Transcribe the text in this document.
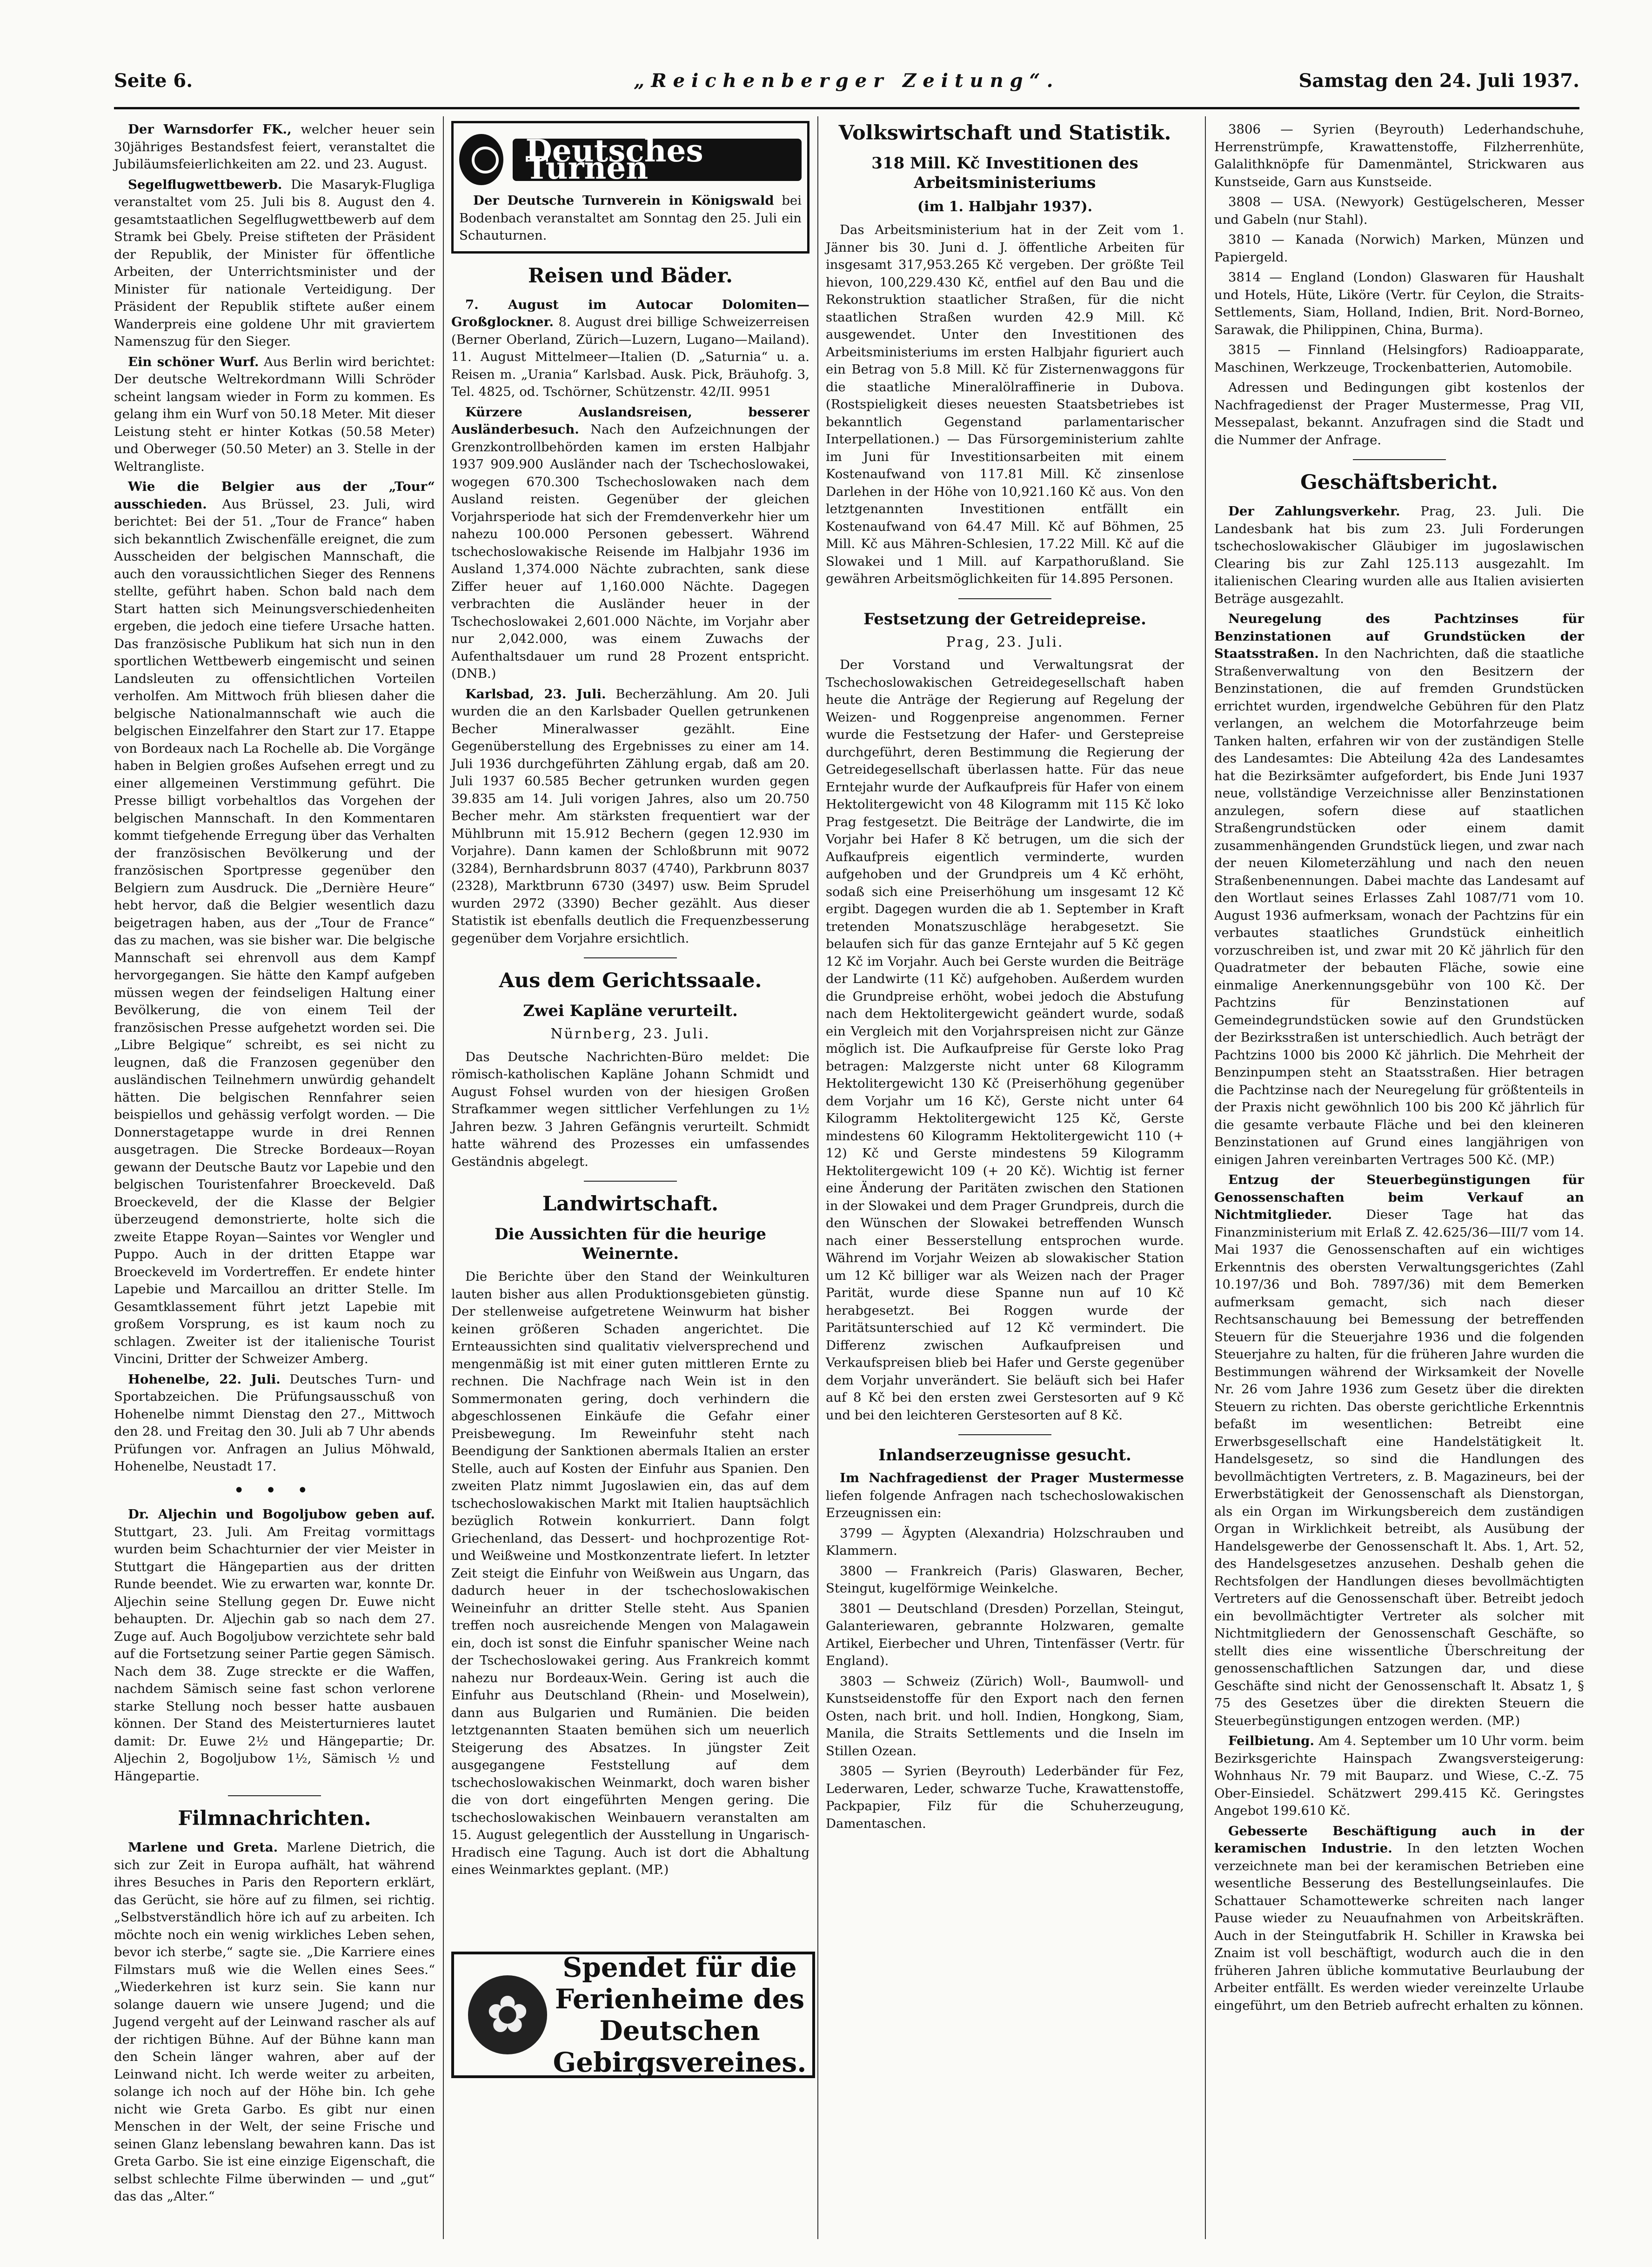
Seite 6.	„Reichenberger Zeitung“.	Samstag den 24. Juli 1937.

Der Warnsdorfer FK., welcher heuer sein 30jähriges Bestandsfest feiert, veranstaltet die Jubiläumsfeierlichkeiten am 22. und 23. August.

Segelflugwettbewerb. Die Masaryk-Flugliga veranstaltet vom 25. Juli bis 8. August den 4. gesamtstaatlichen Segelflugwettbewerb auf dem Stramk bei Gbely. Preise stifteten der Präsident der Republik, der Minister für öffentliche Arbeiten, der Unterrichtsminister und der Minister für nationale Verteidigung. Der Präsident der Republik stiftete außer einem Wanderpreis eine goldene Uhr mit graviertem Namenszug für den Sieger.

Ein schöner Wurf. Aus Berlin wird berichtet: Der deutsche Weltrekordmann Willi Schröder scheint langsam wieder in Form zu kommen. Es gelang ihm ein Wurf von 50.18 Meter. Mit dieser Leistung steht er hinter Kotkas (50.58 Meter) und Oberweger (50.50 Meter) an 3. Stelle in der Weltrangliste.

Wie die Belgier aus der „Tour“ ausschieden. Aus Brüssel, 23. Juli, wird berichtet: Bei der 51. „Tour de France“ haben sich bekanntlich Zwischenfälle ereignet, die zum Ausscheiden der belgischen Mannschaft, die auch den voraussichtlichen Sieger des Rennens stellte, geführt haben. Schon bald nach dem Start hatten sich Meinungsverschiedenheiten ergeben, die jedoch eine tiefere Ursache hatten. Das französische Publikum hat sich nun in den sportlichen Wettbewerb eingemischt und seinen Landsleuten zu offensichtlichen Vorteilen verholfen. Am Mittwoch früh bliesen daher die belgische Nationalmannschaft wie auch die belgischen Einzelfahrer den Start zur 17. Etappe von Bordeaux nach La Rochelle ab. Die Vorgänge haben in Belgien großes Aufsehen erregt und zu einer allgemeinen Verstimmung geführt. Die Presse billigt vorbehaltlos das Vorgehen der belgischen Mannschaft. In den Kommentaren kommt tiefgehende Erregung über das Verhalten der französischen Bevölkerung und der französischen Sportpresse gegenüber den Belgiern zum Ausdruck. Die „Dernière Heure“ hebt hervor, daß die Belgier wesentlich dazu beigetragen haben, aus der „Tour de France“ das zu machen, was sie bisher war. Die belgische Mannschaft sei ehrenvoll aus dem Kampf hervorgegangen. Sie hätte den Kampf aufgeben müssen wegen der feindseligen Haltung einer Bevölkerung, die von einem Teil der französischen Presse aufgehetzt worden sei. Die „Libre Belgique“ schreibt, es sei nicht zu leugnen, daß die Franzosen gegenüber den ausländischen Teilnehmern unwürdig gehandelt hätten. Die belgischen Rennfahrer seien beispiellos und gehässig verfolgt worden. — Die Donnerstagetappe wurde in drei Rennen ausgetragen. Die Strecke Bordeaux—Royan gewann der Deutsche Bautz vor Lapebie und den belgischen Touristenfahrer Broeckeveld. Daß Broeckeveld, der die Klasse der Belgier überzeugend demonstrierte, holte sich die zweite Etappe Royan—Saintes vor Wengler und Puppo. Auch in der dritten Etappe war Broeckeveld im Vordertreffen. Er endete hinter Lapebie und Marcaillou an dritter Stelle. Im Gesamtklassement führt jetzt Lapebie mit großem Vorsprung, es ist kaum noch zu schlagen. Zweiter ist der italienische Tourist Vincini, Dritter der Schweizer Amberg.

Hohenelbe, 22. Juli. Deutsches Turn- und Sportabzeichen. Die Prüfungsausschuß von Hohenelbe nimmt Dienstag den 27., Mittwoch den 28. und Freitag den 30. Juli ab 7 Uhr abends Prüfungen vor. Anfragen an Julius Möhwald, Hohenelbe, Neustadt 17.

• • •

Dr. Aljechin und Bogoljubow geben auf. Stuttgart, 23. Juli. Am Freitag vormittags wurden beim Schachturnier der vier Meister in Stuttgart die Hängepartien aus der dritten Runde beendet. Wie zu erwarten war, konnte Dr. Aljechin seine Stellung gegen Dr. Euwe nicht behaupten. Dr. Aljechin gab so nach dem 27. Zuge auf. Auch Bogoljubow verzichtete sehr bald auf die Fortsetzung seiner Partie gegen Sämisch. Nach dem 38. Zuge streckte er die Waffen, nachdem Sämisch seine fast schon verlorene starke Stellung noch besser hatte ausbauen können. Der Stand des Meisterturnieres lautet damit: Dr. Euwe 2½ und Hängepartie; Dr. Aljechin 2, Bogoljubow 1½, Sämisch ½ und Hängepartie.

Filmnachrichten.

Marlene und Greta. Marlene Dietrich, die sich zur Zeit in Europa aufhält, hat während ihres Besuches in Paris den Reportern erklärt, das Gerücht, sie höre auf zu filmen, sei richtig. „Selbstverständlich höre ich auf zu arbeiten. Ich möchte noch ein wenig wirkliches Leben sehen, bevor ich sterbe,“ sagte sie. „Die Karriere eines Filmstars muß wie die Wellen eines Sees.“ „Wiederkehren ist kurz sein. Sie kann nur solange dauern wie unsere Jugend; und die Jugend vergeht auf der Leinwand rascher als auf der richtigen Bühne. Auf der Bühne kann man den Schein länger wahren, aber auf der Leinwand nicht. Ich werde weiter zu arbeiten, solange ich noch auf der Höhe bin. Ich gehe nicht wie Greta Garbo. Es gibt nur einen Menschen in der Welt, der seine Frische und seinen Glanz lebenslang bewahren kann. Das ist Greta Garbo. Sie ist eine einzige Eigenschaft, die selbst schlechte Filme überwinden — und „gut“ das das „Alter.“

Deutsches Turnen

Der Deutsche Turnverein in Königswald bei Bodenbach veranstaltet am Sonntag den 25. Juli ein Schauturnen.

Reisen und Bäder.

7. August im Autocar Dolomiten—Großglockner. 8. August drei billige Schweizerreisen (Berner Oberland, Zürich—Luzern, Lugano—Mailand). 11. August Mittelmeer—Italien (D. „Saturnia“ u. a. Reisen m. „Urania“ Karlsbad. Ausk. Pick, Bräuhofg. 3, Tel. 4825, od. Tschörner, Schützenstr. 42/II. 9951

Kürzere Auslandsreisen, besserer Ausländerbesuch. Nach den Aufzeichnungen der Grenzkontrollbehörden kamen im ersten Halbjahr 1937 909.900 Ausländer nach der Tschechoslowakei, wogegen 670.300 Tschechoslowaken nach dem Ausland reisten. Gegenüber der gleichen Vorjahrsperiode hat sich der Fremdenverkehr hier um nahezu 100.000 Personen gebessert. Während tschechoslowakische Reisende im Halbjahr 1936 im Ausland 1,374.000 Nächte zubrachten, sank diese Ziffer heuer auf 1,160.000 Nächte. Dagegen verbrachten die Ausländer heuer in der Tschechoslowakei 2,601.000 Nächte, im Vorjahr aber nur 2,042.000, was einem Zuwachs der Aufenthaltsdauer um rund 28 Prozent entspricht. (DNB.)

Karlsbad, 23. Juli. Becherzählung. Am 20. Juli wurden die an den Karlsbader Quellen getrunkenen Becher Mineralwasser gezählt. Eine Gegenüberstellung des Ergebnisses zu einer am 14. Juli 1936 durchgeführten Zählung ergab, daß am 20. Juli 1937 60.585 Becher getrunken wurden gegen 39.835 am 14. Juli vorigen Jahres, also um 20.750 Becher mehr. Am stärksten frequentiert war der Mühlbrunn mit 15.912 Bechern (gegen 12.930 im Vorjahre). Dann kamen der Schloßbrunn mit 9072 (3284), Bernhardsbrunn 8037 (4740), Parkbrunn 8037 (2328), Marktbrunn 6730 (3497) usw. Beim Sprudel wurden 2972 (3390) Becher gezählt. Aus dieser Statistik ist ebenfalls deutlich die Frequenzbesserung gegenüber dem Vorjahre ersichtlich.

Aus dem Gerichtssaale.
Zwei Kapläne verurteilt.
Nürnberg, 23. Juli.

Das Deutsche Nachrichten-Büro meldet: Die römisch-katholischen Kapläne Johann Schmidt und August Fohsel wurden von der hiesigen Großen Strafkammer wegen sittlicher Verfehlungen zu 1½ Jahren bezw. 3 Jahren Gefängnis verurteilt. Schmidt hatte während des Prozesses ein umfassendes Geständnis abgelegt.

Landwirtschaft.
Die Aussichten für die heurige Weinernte.

Die Berichte über den Stand der Weinkulturen lauten bisher aus allen Produktionsgebieten günstig. Der stellenweise aufgetretene Weinwurm hat bisher keinen größeren Schaden angerichtet. Die Ernteaussichten sind qualitativ vielversprechend und mengenmäßig ist mit einer guten mittleren Ernte zu rechnen. Die Nachfrage nach Wein ist in den Sommermonaten gering, doch verhindern die abgeschlossenen Einkäufe die Gefahr einer Preisbewegung. Im Reweinfuhr steht nach Beendigung der Sanktionen abermals Italien an erster Stelle, auch auf Kosten der Einfuhr aus Spanien. Den zweiten Platz nimmt Jugoslawien ein, das auf dem tschechoslowakischen Markt mit Italien hauptsächlich bezüglich Rotwein konkurriert. Dann folgt Griechenland, das Dessert- und hochprozentige Rot- und Weißweine und Mostkonzentrate liefert. In letzter Zeit steigt die Einfuhr von Weißwein aus Ungarn, das dadurch heuer in der tschechoslowakischen Weineinfuhr an dritter Stelle steht. Aus Spanien treffen noch ausreichende Mengen von Malagawein ein, doch ist sonst die Einfuhr spanischer Weine nach der Tschechoslowakei gering. Aus Frankreich kommt nahezu nur Bordeaux-Wein. Gering ist auch die Einfuhr aus Deutschland (Rhein- und Moselwein), dann aus Bulgarien und Rumänien. Die beiden letztgenannten Staaten bemühen sich um neuerlich Steigerung des Absatzes. In jüngster Zeit ausgegangene Feststellung auf dem tschechoslowakischen Weinmarkt, doch waren bisher die von dort eingeführten Mengen gering. Die tschechoslowakischen Weinbauern veranstalten am 15. August gelegentlich der Ausstellung in Ungarisch-Hradisch eine Tagung. Auch ist dort die Abhaltung eines Weinmarktes geplant. (MP.)

✿
Spendet für die Ferienheime des Deutschen Gebirgsvereines.
Volkswirtschaft und Statistik.
318 Mill. Kč Investitionen des Arbeitsministeriums
(im 1. Halbjahr 1937).

Das Arbeitsministerium hat in der Zeit vom 1. Jänner bis 30. Juni d. J. öffentliche Arbeiten für insgesamt 317,953.265 Kč vergeben. Der größte Teil hievon, 100,229.430 Kč, entfiel auf den Bau und die Rekonstruktion staatlicher Straßen, für die nicht staatlichen Straßen wurden 42.9 Mill. Kč ausgewendet. Unter den Investitionen des Arbeitsministeriums im ersten Halbjahr figuriert auch ein Betrag von 5.8 Mill. Kč für Zisternenwaggons für die staatliche Mineralölraffinerie in Dubova. (Rostspieligkeit dieses neuesten Staatsbetriebes ist bekanntlich Gegenstand parlamentarischer Interpellationen.) — Das Fürsorgeministerium zahlte im Juni für Investitionsarbeiten mit einem Kostenaufwand von 117.81 Mill. Kč zinsenlose Darlehen in der Höhe von 10,921.160 Kč aus. Von den letztgenannten Investitionen entfällt ein Kostenaufwand von 64.47 Mill. Kč auf Böhmen, 25 Mill. Kč aus Mähren-Schlesien, 17.22 Mill. Kč auf die Slowakei und 1 Mill. auf Karpathorußland. Sie gewähren Arbeitsmöglichkeiten für 14.895 Personen.

Festsetzung der Getreidepreise.
Prag, 23. Juli.

Der Vorstand und Verwaltungsrat der Tschechoslowakischen Getreidegesellschaft haben heute die Anträge der Regierung auf Regelung der Weizen- und Roggenpreise angenommen. Ferner wurde die Festsetzung der Hafer- und Gerstepreise durchgeführt, deren Bestimmung die Regierung der Getreidegesellschaft überlassen hatte. Für das neue Erntejahr wurde der Aufkaufpreis für Hafer von einem Hektolitergewicht von 48 Kilogramm mit 115 Kč loko Prag festgesetzt. Die Beiträge der Landwirte, die im Vorjahr bei Hafer 8 Kč betrugen, um die sich der Aufkaufpreis eigentlich verminderte, wurden aufgehoben und der Grundpreis um 4 Kč erhöht, sodaß sich eine Preiserhöhung um insgesamt 12 Kč ergibt. Dagegen wurden die ab 1. September in Kraft tretenden Monatszuschläge herabgesetzt. Sie belaufen sich für das ganze Erntejahr auf 5 Kč gegen 12 Kč im Vorjahr. Auch bei Gerste wurden die Beiträge der Landwirte (11 Kč) aufgehoben. Außerdem wurden die Grundpreise erhöht, wobei jedoch die Abstufung nach dem Hektolitergewicht geändert wurde, sodaß ein Vergleich mit den Vorjahrspreisen nicht zur Gänze möglich ist. Die Aufkaufpreise für Gerste loko Prag betragen: Malzgerste nicht unter 68 Kilogramm Hektolitergewicht 130 Kč (Preiserhöhung gegenüber dem Vorjahr um 16 Kč), Gerste nicht unter 64 Kilogramm Hektolitergewicht 125 Kč, Gerste mindestens 60 Kilogramm Hektolitergewicht 110 (+ 12) Kč und Gerste mindestens 59 Kilogramm Hektolitergewicht 109 (+ 20 Kč). Wichtig ist ferner eine Änderung der Paritäten zwischen den Stationen in der Slowakei und dem Prager Grundpreis, durch die den Wünschen der Slowakei betreffenden Wunsch nach einer Besserstellung entsprochen wurde. Während im Vorjahr Weizen ab slowakischer Station um 12 Kč billiger war als Weizen nach der Prager Parität, wurde diese Spanne nun auf 10 Kč herabgesetzt. Bei Roggen wurde der Paritätsunterschied auf 12 Kč vermindert. Die Differenz zwischen Aufkaufpreisen und Verkaufspreisen blieb bei Hafer und Gerste gegenüber dem Vorjahr unverändert. Sie beläuft sich bei Hafer auf 8 Kč bei den ersten zwei Gerstesorten auf 9 Kč und bei den leichteren Gerstesorten auf 8 Kč.

Inlandserzeugnisse gesucht.

Im Nachfragedienst der Prager Mustermesse liefen folgende Anfragen nach tschechoslowakischen Erzeugnissen ein:

3799 — Ägypten (Alexandria) Holzschrauben und Klammern.

3800 — Frankreich (Paris) Glaswaren, Becher, Steingut, kugelförmige Weinkelche.

3801 — Deutschland (Dresden) Porzellan, Steingut, Galanteriewaren, gebrannte Holzwaren, gemalte Artikel, Eierbecher und Uhren, Tintenfässer (Vertr. für England).

3803 — Schweiz (Zürich) Woll-, Baumwoll- und Kunstseidenstoffe für den Export nach den fernen Osten, nach brit. und holl. Indien, Hongkong, Siam, Manila, die Straits Settlements und die Inseln im Stillen Ozean.

3805 — Syrien (Beyrouth) Lederbänder für Fez, Lederwaren, Leder, schwarze Tuche, Krawattenstoffe, Packpapier, Filz für die Schuherzeugung, Damentaschen.

3806 — Syrien (Beyrouth) Lederhandschuhe, Herrenstrümpfe, Krawattenstoffe, Filzherrenhüte, Galalithknöpfe für Damenmäntel, Strickwaren aus Kunstseide, Garn aus Kunstseide.

3808 — USA. (Newyork) Gestügelscheren, Messer und Gabeln (nur Stahl).

3810 — Kanada (Norwich) Marken, Münzen und Papiergeld.

3814 — England (London) Glaswaren für Haushalt und Hotels, Hüte, Liköre (Vertr. für Ceylon, die Straits-Settlements, Siam, Holland, Indien, Brit. Nord-Borneo, Sarawak, die Philippinen, China, Burma).

3815 — Finnland (Helsingfors) Radioapparate, Maschinen, Werkzeuge, Trockenbatterien, Automobile.

Adressen und Bedingungen gibt kostenlos der Nachfragedienst der Prager Mustermesse, Prag VII, Messepalast, bekannt. Anzufragen sind die Stadt und die Nummer der Anfrage.

Geschäftsbericht.

Der Zahlungsverkehr. Prag, 23. Juli. Die Landesbank hat bis zum 23. Juli Forderungen tschechoslowakischer Gläubiger im jugoslawischen Clearing bis zur Zahl 125.113 ausgezahlt. Im italienischen Clearing wurden alle aus Italien avisierten Beträge ausgezahlt.

Neuregelung des Pachtzinses für Benzinstationen auf Grundstücken der Staatsstraßen. In den Nachrichten, daß die staatliche Straßenverwaltung von den Besitzern der Benzinstationen, die auf fremden Grundstücken errichtet wurden, irgendwelche Gebühren für den Platz verlangen, an welchem die Motorfahrzeuge beim Tanken halten, erfahren wir von der zuständigen Stelle des Landesamtes: Die Abteilung 42a des Landesamtes hat die Bezirksämter aufgefordert, bis Ende Juni 1937 neue, vollständige Verzeichnisse aller Benzinstationen anzulegen, sofern diese auf staatlichen Straßengrundstücken oder einem damit zusammenhängenden Grundstück liegen, und zwar nach der neuen Kilometerzählung und nach den neuen Straßenbenennungen. Dabei machte das Landesamt auf den Wortlaut seines Erlasses Zahl 1087/71 vom 10. August 1936 aufmerksam, wonach der Pachtzins für ein verbautes staatliches Grundstück einheitlich vorzuschreiben ist, und zwar mit 20 Kč jährlich für den Quadratmeter der bebauten Fläche, sowie eine einmalige Anerkennungsgebühr von 100 Kč. Der Pachtzins für Benzinstationen auf Gemeindegrundstücken sowie auf den Grundstücken der Bezirksstraßen ist unterschiedlich. Auch beträgt der Pachtzins 1000 bis 2000 Kč jährlich. Die Mehrheit der Benzinpumpen steht an Staatsstraßen. Hier betragen die Pachtzinse nach der Neuregelung für größtenteils in der Praxis nicht gewöhnlich 100 bis 200 Kč jährlich für die gesamte verbaute Fläche und bei den kleineren Benzinstationen auf Grund eines langjährigen von einigen Jahren vereinbarten Vertrages 500 Kč. (MP.)

Entzug der Steuerbegünstigungen für Genossenschaften beim Verkauf an Nichtmitglieder.	Dieser Tage hat das Finanzministerium mit Erlaß Z. 42.625/36—III/7 vom 14. Mai 1937 die Genossenschaften auf ein wichtiges Erkenntnis des obersten Verwaltungsgerichtes (Zahl 10.197/36 und Boh. 7897/36) mit dem Bemerken aufmerksam gemacht, sich nach dieser Rechtsanschauung bei Bemessung der betreffenden Steuern für die Steuerjahre 1936 und die folgenden Steuerjahre zu halten, für die früheren Jahre wurden die Bestimmungen während der Wirksamkeit der Novelle Nr. 26 vom Jahre 1936 zum Gesetz über die direkten Steuern zu richten. Das oberste gerichtliche Erkenntnis befaßt im wesentlichen: Betreibt eine Erwerbsgesellschaft eine Handelstätigkeit lt. Handelsgesetz, so sind die Handlungen des bevollmächtigten Vertreters, z. B. Magazineurs, bei der Erwerbstätigkeit der Genossenschaft als Dienstorgan, als ein Organ im Wirkungsbereich dem zuständigen Organ in Wirklichkeit betreibt, als Ausübung der Handelsgewerbe der Genossenschaft lt. Abs. 1, Art. 52, des Handelsgesetzes anzusehen. Deshalb gehen die Rechtsfolgen der Handlungen dieses bevollmächtigten Vertreters auf die Genossenschaft über. Betreibt jedoch ein bevollmächtigter Vertreter als solcher mit Nichtmitgliedern der Genossenschaft Geschäfte, so stellt dies eine wissentliche Überschreitung der genossenschaftlichen Satzungen dar, und diese Geschäfte sind nicht der Genossenschaft lt. Absatz 1, § 75 des Gesetzes über die direkten Steuern die Steuerbegünstigungen entzogen werden. (MP.)

Feilbietung. Am 4. September um 10 Uhr vorm. beim Bezirksgerichte Hainspach Zwangsversteigerung: Wohnhaus Nr. 79 mit Bauparz. und Wiese, C.-Z. 75 Ober-Einsiedel. Schätzwert 299.415 Kč. Geringstes Angebot 199.610 Kč.

Gebesserte Beschäftigung auch in der keramischen Industrie. In den letzten Wochen verzeichnete man bei der keramischen Betrieben eine wesentliche Besserung des Bestellungseinlaufes. Die Schattauer Schamottewerke schreiten nach langer Pause wieder zu Neuaufnahmen von Arbeitskräften. Auch in der Steingutfabrik H. Schiller in Krawska bei Znaim ist voll beschäftigt, wodurch auch die in den früheren Jahren übliche kommutative Beurlaubung der Arbeiter entfällt. Es werden wieder vereinzelte Urlaube eingeführt, um den Betrieb aufrecht erhalten zu können.
